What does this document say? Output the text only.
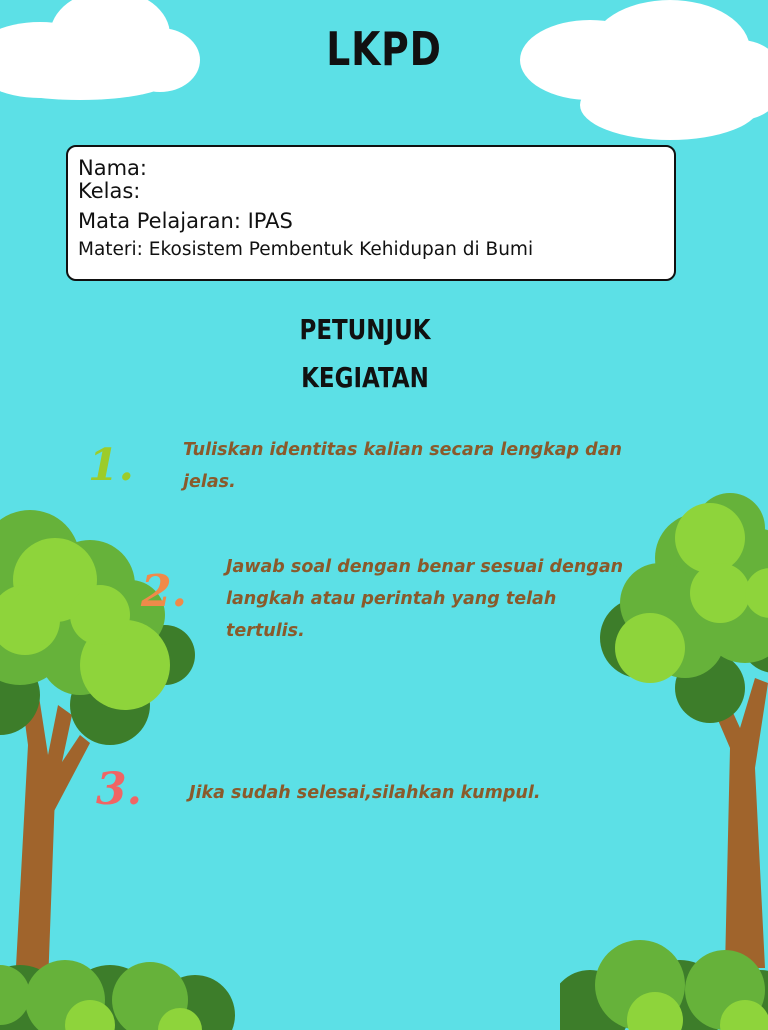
LKPD
Nama:
Kelas:
Mata Pelajaran: IPAS
Materi: Ekosistem Pembentuk Kehidupan di Bumi
PETUNJUK
KEGIATAN
1.	Tuliskan identitas kalian secara lengkap dan jelas.
2. Jawab soal dengan benar sesuai dengan langkah atau perintah yang telah tertulis.
3.	Jika sudah selesai,silahkan kumpul.
